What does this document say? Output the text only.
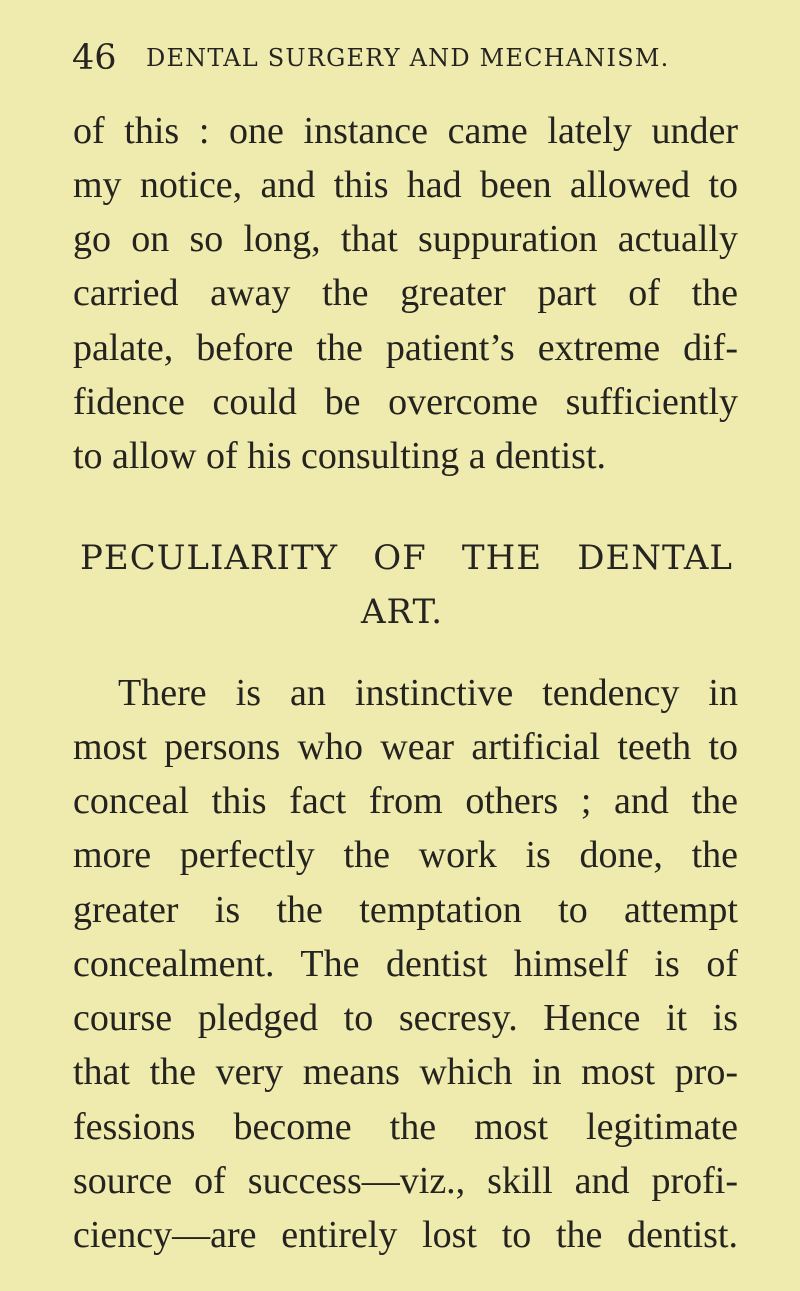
46 DENTAL SURGERY AND MECHANISM.
of this : one instance came lately under
my notice, and this had been allowed to
go on so long, that suppuration actually
carried away the greater part of the
palate, before the patient’s extreme dif-
fidence could be overcome sufficiently
to allow of his consulting a dentist.
PECULIARITY OF THE DENTAL
ART.
There is an instinctive tendency in
most persons who wear artificial teeth to
conceal this fact from others ; and the
more perfectly the work is done, the
greater is the temptation to attempt
concealment. The dentist himself is of
course pledged to secresy. Hence it is
that the very means which in most pro-
fessions become the most legitimate
source of success—viz., skill and profi-
ciency—are entirely lost to the dentist.
